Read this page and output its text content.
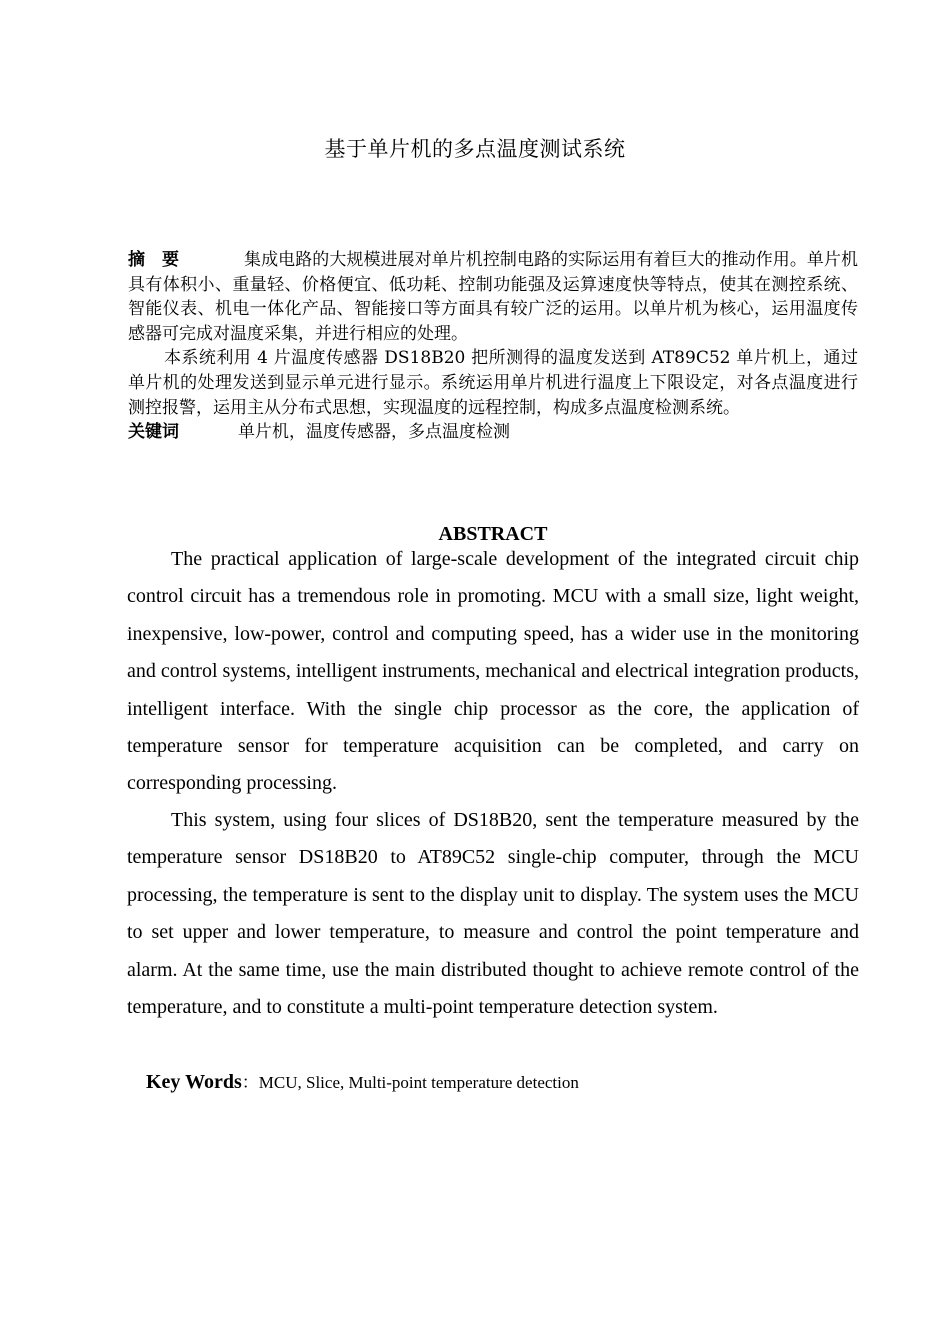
基于单片机的多点温度测试系统
摘　要	集成电路的大规模进展对单片机控制电路的实际运用有着巨大的推动作用。单片机具有体积小、重量轻、价格便宜、低功耗、控制功能强及运算速度快等特点，使其在测控系统、智能仪表、机电一体化产品、智能接口等方面具有较广泛的运用。以单片机为核心，运用温度传感器可完成对温度采集，并进行相应的处理。
本系统利用 4 片温度传感器 DS18B20 把所测得的温度发送到 AT89C52 单片机上，通过单片机的处理发送到显示单元进行显示。系统运用单片机进行温度上下限设定，对各点温度进行测控报警，运用主从分布式思想，实现温度的远程控制，构成多点温度检测系统。
关键词	单片机，温度传感器，多点温度检测
ABSTRACT

The practical application of large-scale development of the integrated circuit chip control circuit has a tremendous role in promoting. MCU with a small size, light weight, inexpensive, low-power, control and computing speed, has a wider use in the monitoring and control systems, intelligent instruments, mechanical and electrical integration products, intelligent interface. With the single chip processor as the core, the application of temperature sensor for temperature acquisition can be completed, and carry on corresponding processing.

This system, using four slices of DS18B20, sent the temperature measured by the temperature sensor DS18B20 to AT89C52 single-chip computer, through the MCU processing, the temperature is sent to the display unit to display. The system uses the MCU to set upper and lower temperature, to measure and control the point temperature and alarm. At the same time, use the main distributed thought to achieve remote control of the temperature, and to constitute a multi-point temperature detection system.

Key Words：MCU, Slice, Multi-point temperature detection
